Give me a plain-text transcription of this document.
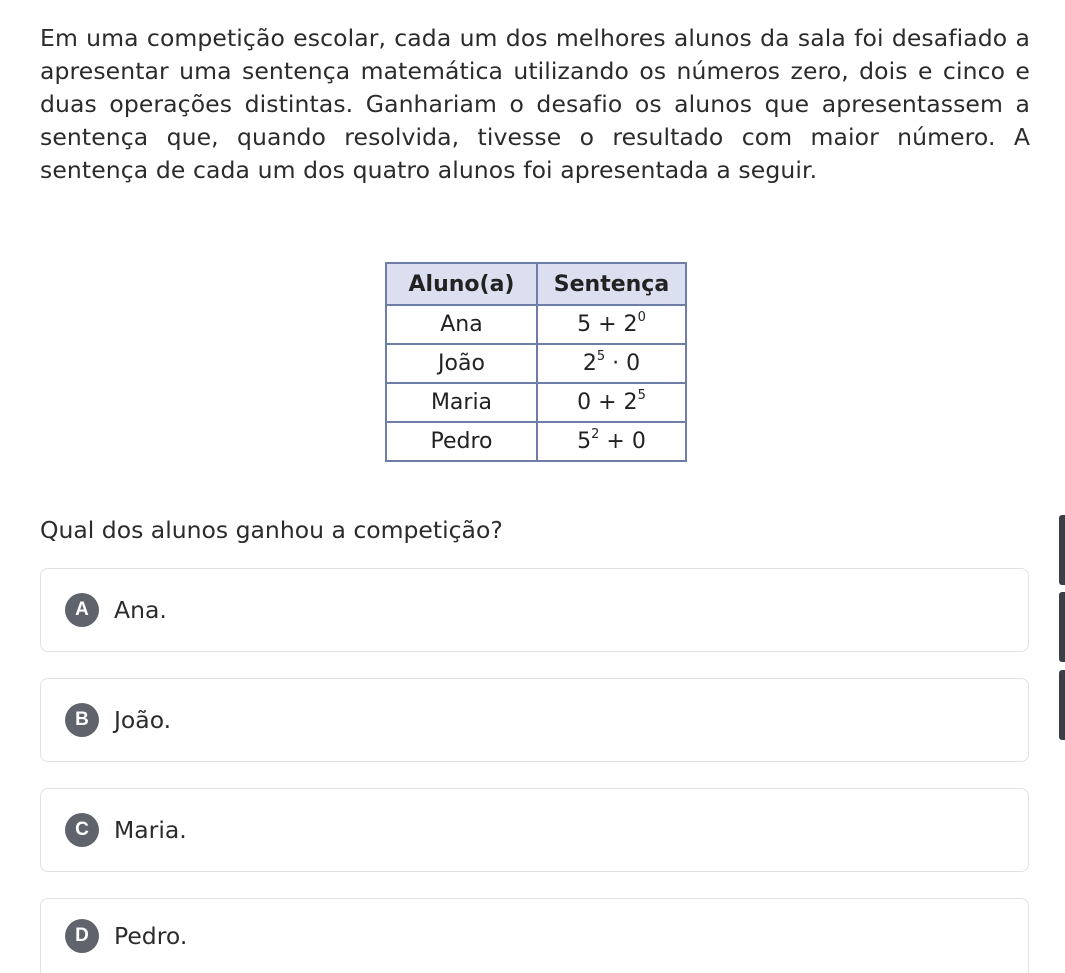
Em uma competição escolar, cada um dos melhores alunos da sala foi desafiado a apresentar uma sentença matemática utilizando os números zero, dois e cinco e duas operações distintas. Ganhariam o desafio os alunos que apresentassem a sentença que, quando resolvida, tivesse o resultado com maior número. A sentença de cada um dos quatro alunos foi apresentada a seguir.

Aluno(a)	Sentença
Ana	$5 + 2^0$
João	$2^5 \cdot 0$
Maria	$0 + 2^5$
Pedro	$5^2 + 0$

Qual dos alunos ganhou a competição?

A	Ana.
B	João.
C	Maria.
D	Pedro.
